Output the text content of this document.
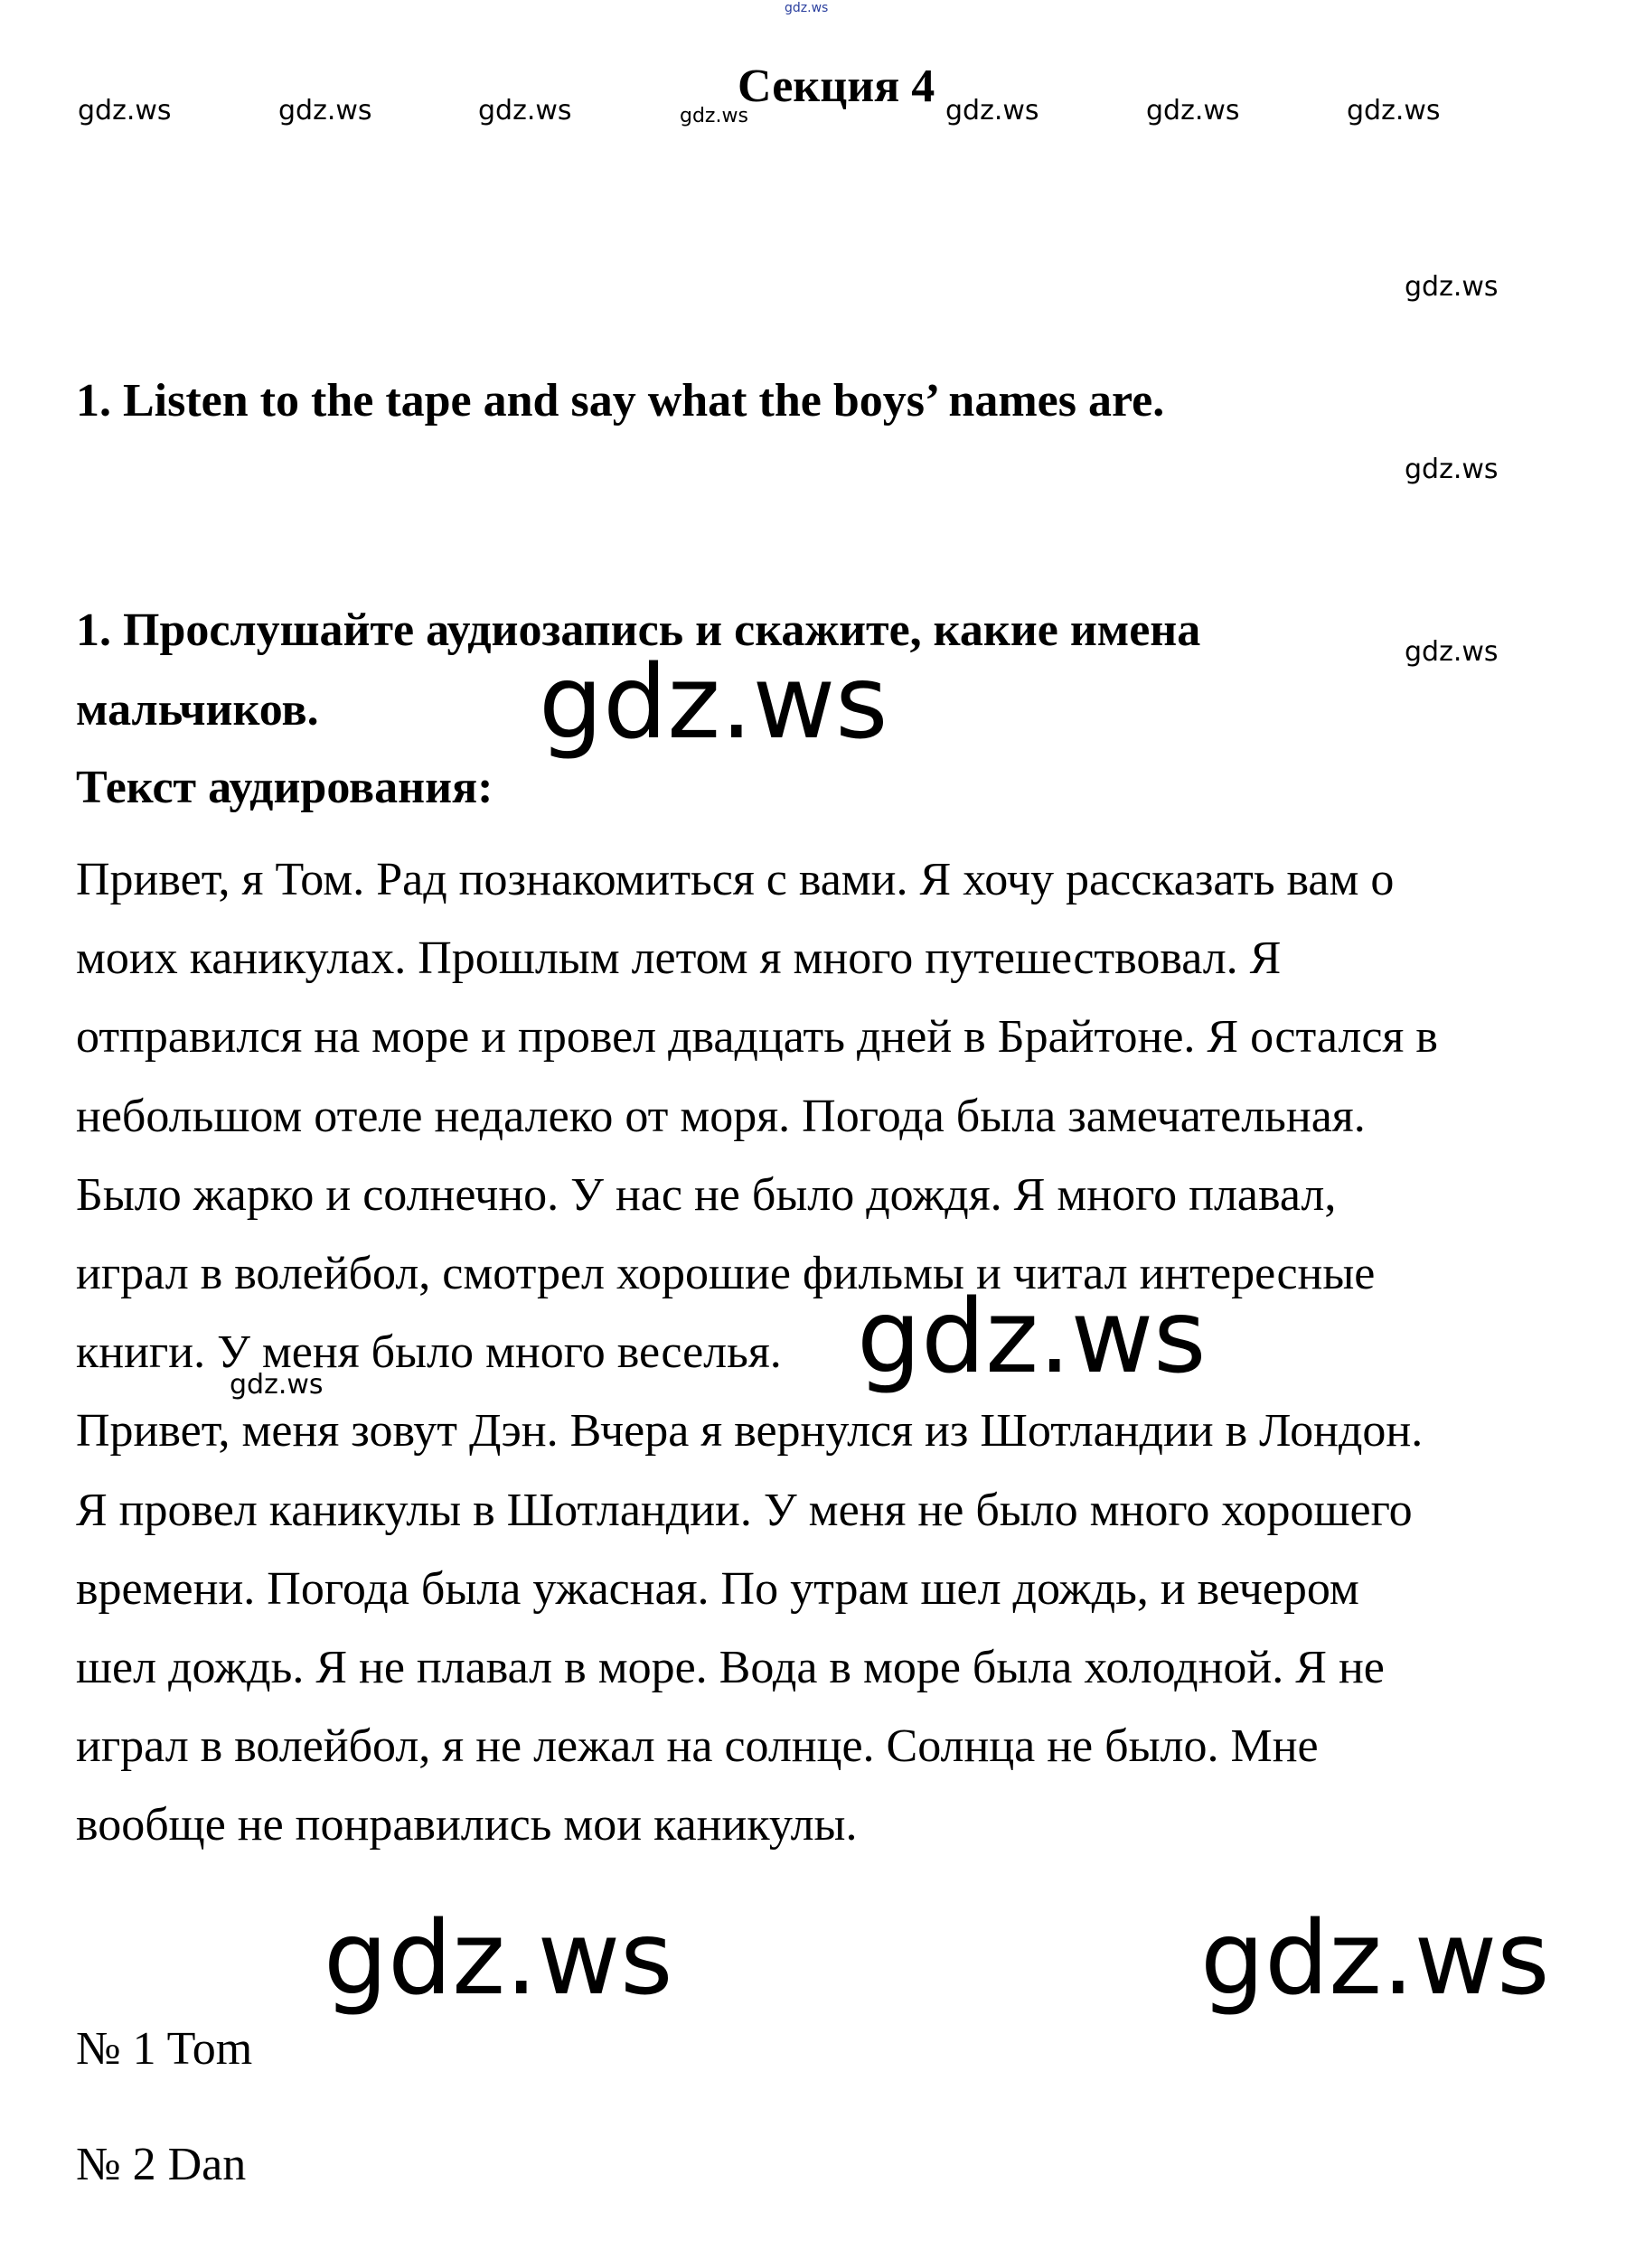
gdz.ws
gdz.ws	gdz.ws	gdz.ws	gdz.ws	gdz.ws	gdz.ws	gdz.ws
Секция 4
gdz.ws
gdz.ws
gdz.ws
1. Listen to the tape and say what the boys’ names are.
1. Прослушайте аудиозапись и скажите, какие имена
мальчиков. gdz.ws
Текст аудирования:
Привет, я Том. Рад познакомиться с вами. Я хочу рассказать вам о
моих каникулах. Прошлым летом я много путешествовал. Я
отправился на море и провел двадцать дней в Брайтоне. Я остался в
небольшом отеле недалеко от моря. Погода была замечательная.
Было жарко и солнечно. У нас не было дождя. Я много плавал,
играл в волейбол, смотрел хорошие фильмы и читал интересные
книги. У меня было много веселья.
Привет, меня зовут Дэн. Вчера я вернулся из Шотландии в Лондон.
Я провел каникулы в Шотландии. У меня не было много хорошего
времени. Погода была ужасная. По утрам шел дождь, и вечером
шел дождь. Я не плавал в море. Вода в море была холодной. Я не
играл в волейбол, я не лежал на солнце. Солнца не было. Мне
вообще не понравились мои каникулы.
gdz.ws
gdz.ws
gdz.ws	gdz.ws
№ 1 Tom
№ 2 Dan
